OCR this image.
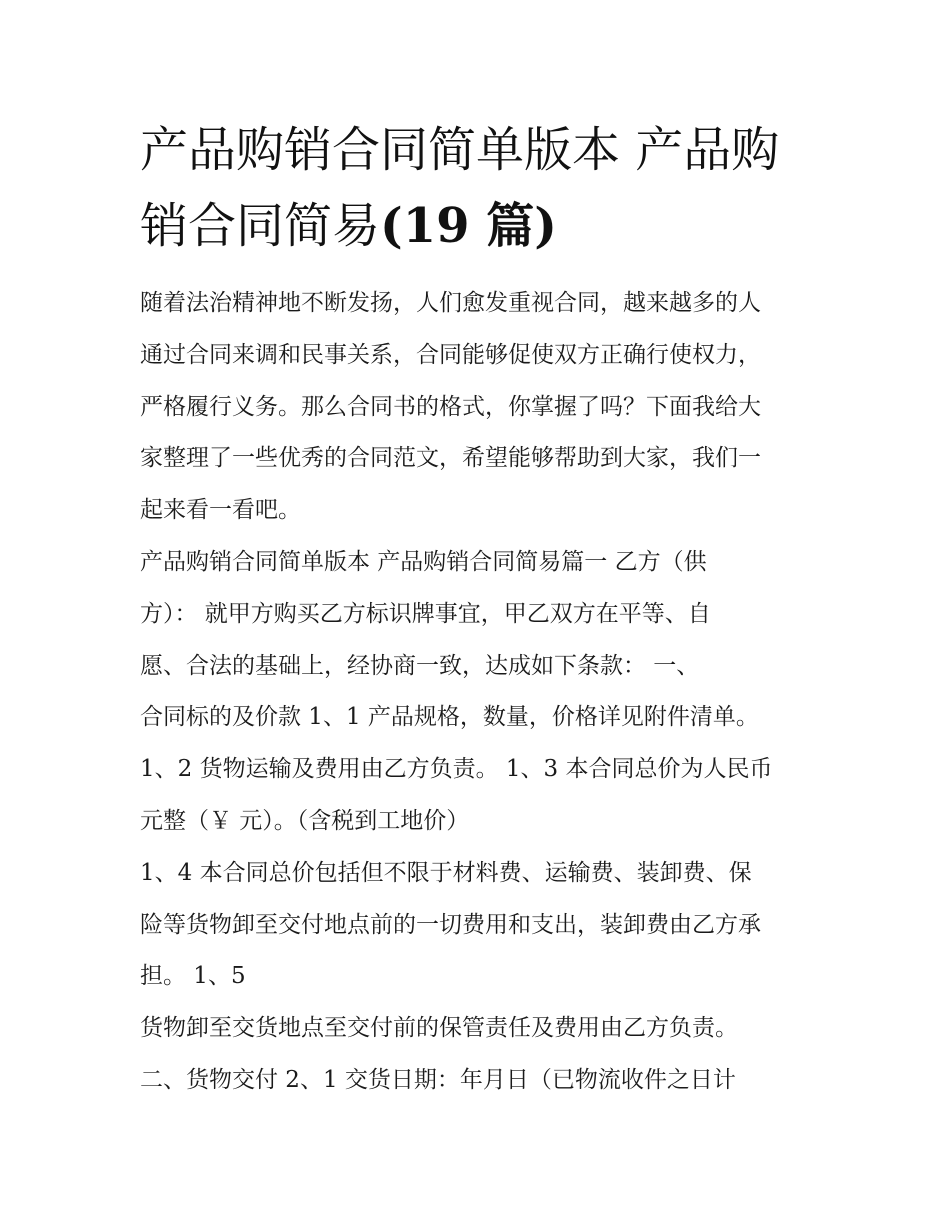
产品购销合同简单版本 产品购
销合同简易(19 篇)
随着法治精神地不断发扬，人们愈发重视合同，越来越多的人
通过合同来调和民事关系，合同能够促使双方正确行使权力，
严格履行义务。那么合同书的格式，你掌握了吗？下面我给大
家整理了一些优秀的合同范文，希望能够帮助到大家，我们一
起来看一看吧。
产品购销合同简单版本 产品购销合同简易篇一 乙方（供
方）： 就甲方购买乙方标识牌事宜，甲乙双方在平等、自
愿、合法的基础上，经协商一致，达成如下条款： 一、
合同标的及价款 1、1 产品规格，数量，价格详见附件清单。
1、2 货物运输及费用由乙方负责。 1、3 本合同总价为人民币
元整（￥ 元）。（含税到工地价）
1、4 本合同总价包括但不限于材料费、运输费、装卸费、保
险等货物卸至交付地点前的一切费用和支出，装卸费由乙方承
担。 1、5
货物卸至交货地点至交付前的保管责任及费用由乙方负责。
二、货物交付 2、1 交货日期：年月日（已物流收件之日计
